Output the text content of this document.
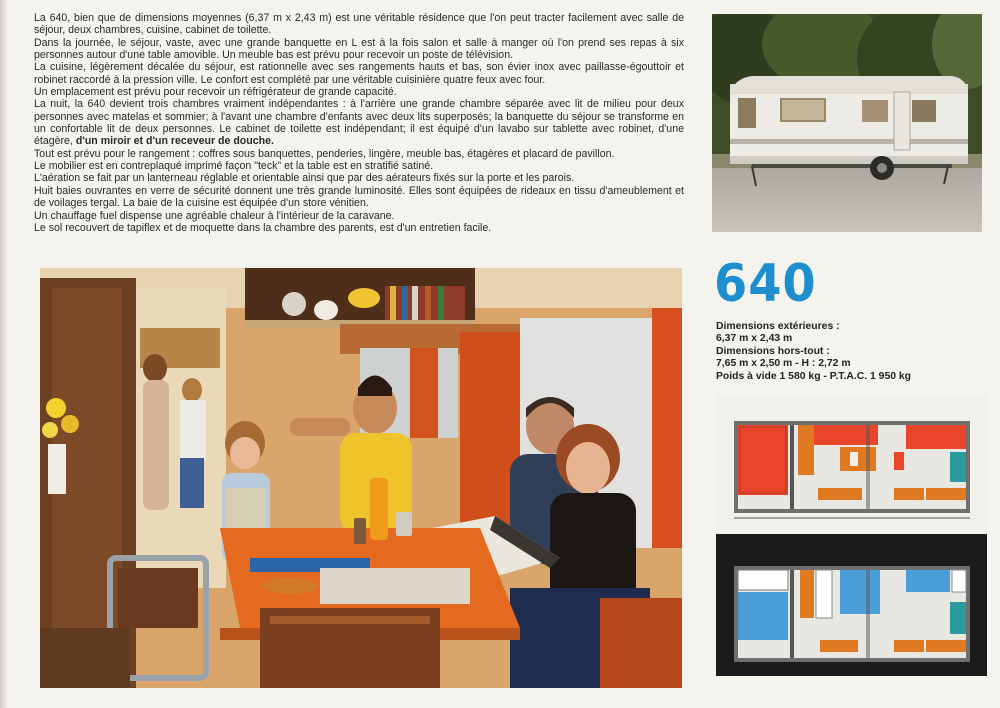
La 640, bien que de dimensions moyennes (6,37 m x 2,43 m) est une véritable résidence que l'on peut tracter facilement avec salle de séjour, deux chambres, cuisine, cabinet de toilette.

Dans la journée, le séjour, vaste, avec une grande banquette en L est à la fois salon et salle à manger où l'on prend ses repas à six personnes autour d'une table amovible. Un meuble bas est prévu pour recevoir un poste de télévision.

La cuisine, légèrement décalée du séjour, est rationnelle avec ses rangements hauts et bas, son évier inox avec paillasse-égouttoir et robinet raccordé à la pression ville. Le confort est complété par une véritable cuisinière quatre feux avec four.

Un emplacement est prévu pour recevoir un réfrigérateur de grande capacité.

La nuit, la 640 devient trois chambres vraiment indépendantes : à l'arrière une grande chambre séparée avec lit de milieu pour deux personnes avec matelas et sommier; à l'avant une chambre d'enfants avec deux lits superposés; la banquette du séjour se transforme en un confortable lit de deux personnes. Le cabinet de toilette est indépendant; il est équipé d'un lavabo sur tablette avec robinet, d'une étagère, d'un miroir et d'un receveur de douche.

Tout est prévu pour le rangement : coffres sous banquettes, penderies, lingère, meuble bas, étagères et placard de pavillon.

Le mobilier est en contreplaqué imprimé façon "teck" et la table est en stratifié satiné.

L'aération se fait par un lanterneau réglable et orientable ainsi que par des aérateurs fixés sur la porte et les parois.

Huit baies ouvrantes en verre de sécurité donnent une très grande luminosité. Elles sont équipées de rideaux en tissu d'ameublement et de voilages tergal. La baie de la cuisine est équipée d'un store vénitien.

Un chauffage fuel dispense une agréable chaleur à l'intérieur de la caravane.

Le sol recouvert de tapiflex et de moquette dans la chambre des parents, est d'un entretien facile.

640
Dimensions extérieures :
6,37 m x 2,43 m
Dimensions hors-tout :
7,65 m x 2,50 m - H : 2,72 m
Poids à vide 1 580 kg - P.T.A.C. 1 950 kg
